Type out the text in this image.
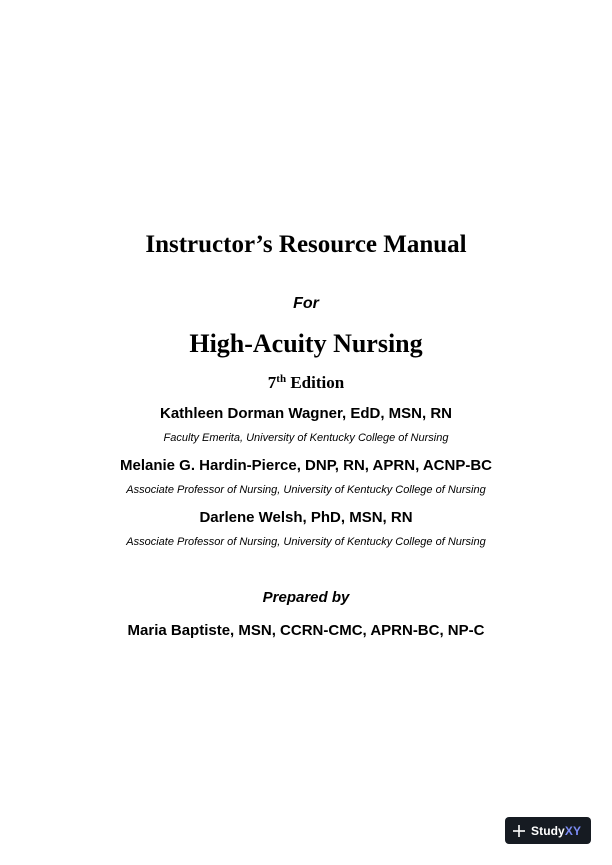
Instructor’s Resource Manual
For
High-Acuity Nursing
7th Edition
Kathleen Dorman Wagner, EdD, MSN, RN
Faculty Emerita, University of Kentucky College of Nursing
Melanie G. Hardin-Pierce, DNP, RN, APRN, ACNP-BC
Associate Professor of Nursing, University of Kentucky College of Nursing
Darlene Welsh, PhD, MSN, RN
Associate Professor of Nursing, University of Kentucky College of Nursing
Prepared by
Maria Baptiste, MSN, CCRN-CMC, APRN-BC, NP-C
StudyXY
